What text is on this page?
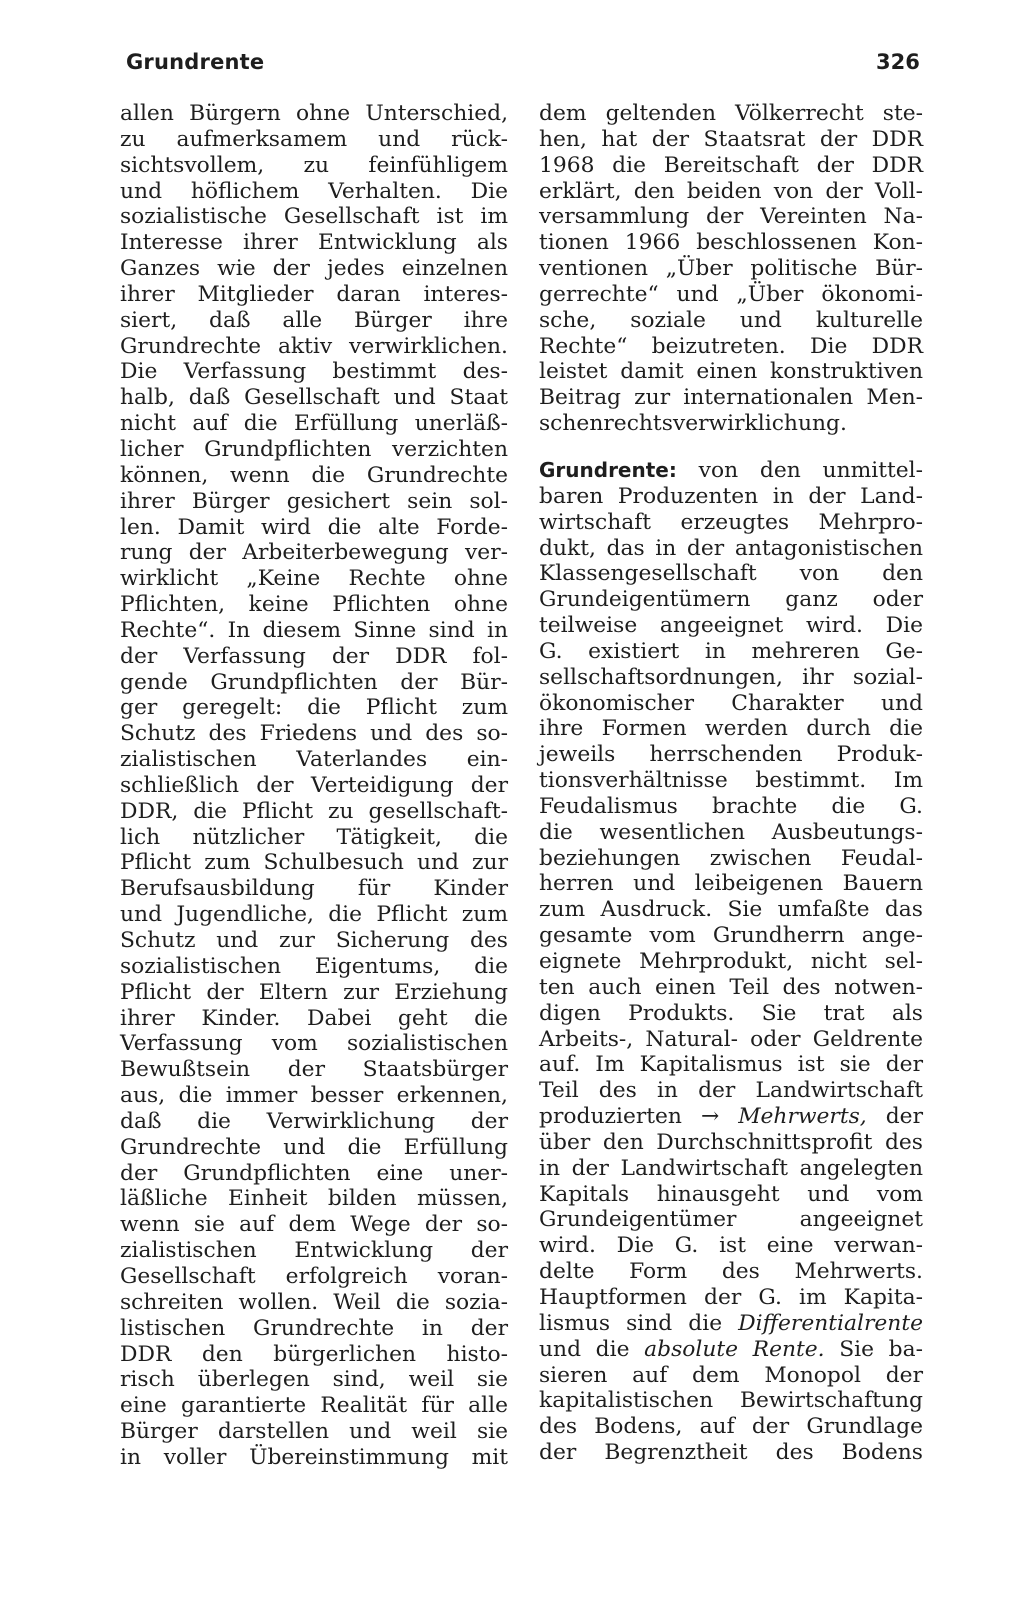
Grundrente	326
allen Bürgern ohne Unterschied,
zu aufmerksamem und rück-
sichtsvollem, zu feinfühligem
und höflichem Verhalten. Die
sozialistische Gesellschaft ist im
Interesse ihrer Entwicklung als
Ganzes wie der jedes einzelnen
ihrer Mitglieder daran interes-
siert, daß alle Bürger ihre
Grundrechte aktiv verwirklichen.
Die Verfassung bestimmt des-
halb, daß Gesellschaft und Staat
nicht auf die Erfüllung unerläß-
licher Grundpflichten verzichten
können, wenn die Grundrechte
ihrer Bürger gesichert sein sol-
len. Damit wird die alte Forde-
rung der Arbeiterbewegung ver-
wirklicht „Keine Rechte ohne
Pflichten, keine Pflichten ohne
Rechte“. In diesem Sinne sind in
der Verfassung der DDR fol-
gende Grundpflichten der Bür-
ger geregelt: die Pflicht zum
Schutz des Friedens und des so-
zialistischen Vaterlandes ein-
schließlich der Verteidigung der
DDR, die Pflicht zu gesellschaft-
lich nützlicher Tätigkeit, die
Pflicht zum Schulbesuch und zur
Berufsausbildung für Kinder
und Jugendliche, die Pflicht zum
Schutz und zur Sicherung des
sozialistischen Eigentums, die
Pflicht der Eltern zur Erziehung
ihrer Kinder. Dabei geht die
Verfassung vom sozialistischen
Bewußtsein der Staatsbürger
aus, die immer besser erkennen,
daß die Verwirklichung der
Grundrechte und die Erfüllung
der Grundpflichten eine uner-
läßliche Einheit bilden müssen,
wenn sie auf dem Wege der so-
zialistischen Entwicklung der
Gesellschaft erfolgreich voran-
schreiten wollen. Weil die sozia-
listischen Grundrechte in der
DDR den bürgerlichen histo-
risch überlegen sind, weil sie
eine garantierte Realität für alle
Bürger darstellen und weil sie
in voller Übereinstimmung mit
dem geltenden Völkerrecht ste-
hen, hat der Staatsrat der DDR
1968 die Bereitschaft der DDR
erklärt, den beiden von der Voll-
versammlung der Vereinten Na-
tionen 1966 beschlossenen Kon-
ventionen „Über politische Bür-
gerrechte“ und „Über ökonomi-
sche, soziale und kulturelle
Rechte“ beizutreten. Die DDR
leistet damit einen konstruktiven
Beitrag zur internationalen Men-
schenrechtsverwirklichung.
Grundrente: von den unmittel-
baren Produzenten in der Land-
wirtschaft erzeugtes Mehrpro-
dukt, das in der antagonistischen
Klassengesellschaft von den
Grundeigentümern ganz oder
teilweise angeeignet wird. Die
G. existiert in mehreren Ge-
sellschaftsordnungen, ihr sozial-
ökonomischer Charakter und
ihre Formen werden durch die
jeweils herrschenden Produk-
tionsverhältnisse bestimmt. Im
Feudalismus brachte die G.
die wesentlichen Ausbeutungs-
beziehungen zwischen Feudal-
herren und leibeigenen Bauern
zum Ausdruck. Sie umfaßte das
gesamte vom Grundherrn ange-
eignete Mehrprodukt, nicht sel-
ten auch einen Teil des notwen-
digen Produkts. Sie trat als
Arbeits-, Natural- oder Geldrente
auf. Im Kapitalismus ist sie der
Teil des in der Landwirtschaft
produzierten → Mehrwerts, der
über den Durchschnittsprofit des
in der Landwirtschaft angelegten
Kapitals hinausgeht und vom
Grundeigentümer angeeignet
wird. Die G. ist eine verwan-
delte Form des Mehrwerts.
Hauptformen der G. im Kapita-
lismus sind die Differentialrente
und die absolute Rente. Sie ba-
sieren auf dem Monopol der
kapitalistischen Bewirtschaftung
des Bodens, auf der Grundlage
der Begrenztheit des Bodens
